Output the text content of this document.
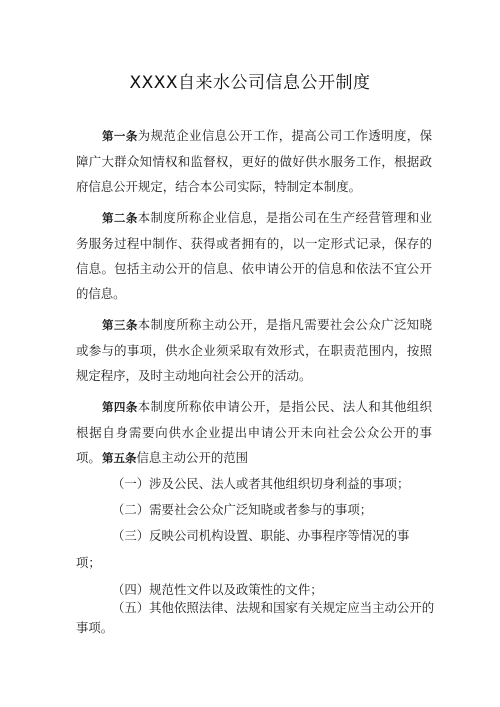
XXXX自来水公司信息公开制度

第一条为规范企业信息公开工作，提高公司工作透明度，保障广大群众知情权和监督权，更好的做好供水服务工作，根据政府信息公开规定，结合本公司实际，特制定本制度。

第二条本制度所称企业信息，是指公司在生产经营管理和业务服务过程中制作、获得或者拥有的，以一定形式记录，保存的信息。包括主动公开的信息、依申请公开的信息和依法不宜公开的信息。

第三条本制度所称主动公开，是指凡需要社会公众广泛知晓或参与的事项，供水企业须采取有效形式，在职责范围内，按照规定程序，及时主动地向社会公开的活动。

第四条本制度所称依申请公开，是指公民、法人和其他组织根据自身需要向供水企业提出申请公开未向社会公众公开的事项。 第五条信息主动公开的范围

（一）涉及公民、法人或者其他组织切身利益的事项；

（二）需要社会公众广泛知晓或者参与的事项；

（三）反映公司机构设置、职能、办事程序等情况的事

项；

（四）规范性文件以及政策性的文件；

（五）其他依照法律、法规和国家有关规定应当主动公开的事项。
